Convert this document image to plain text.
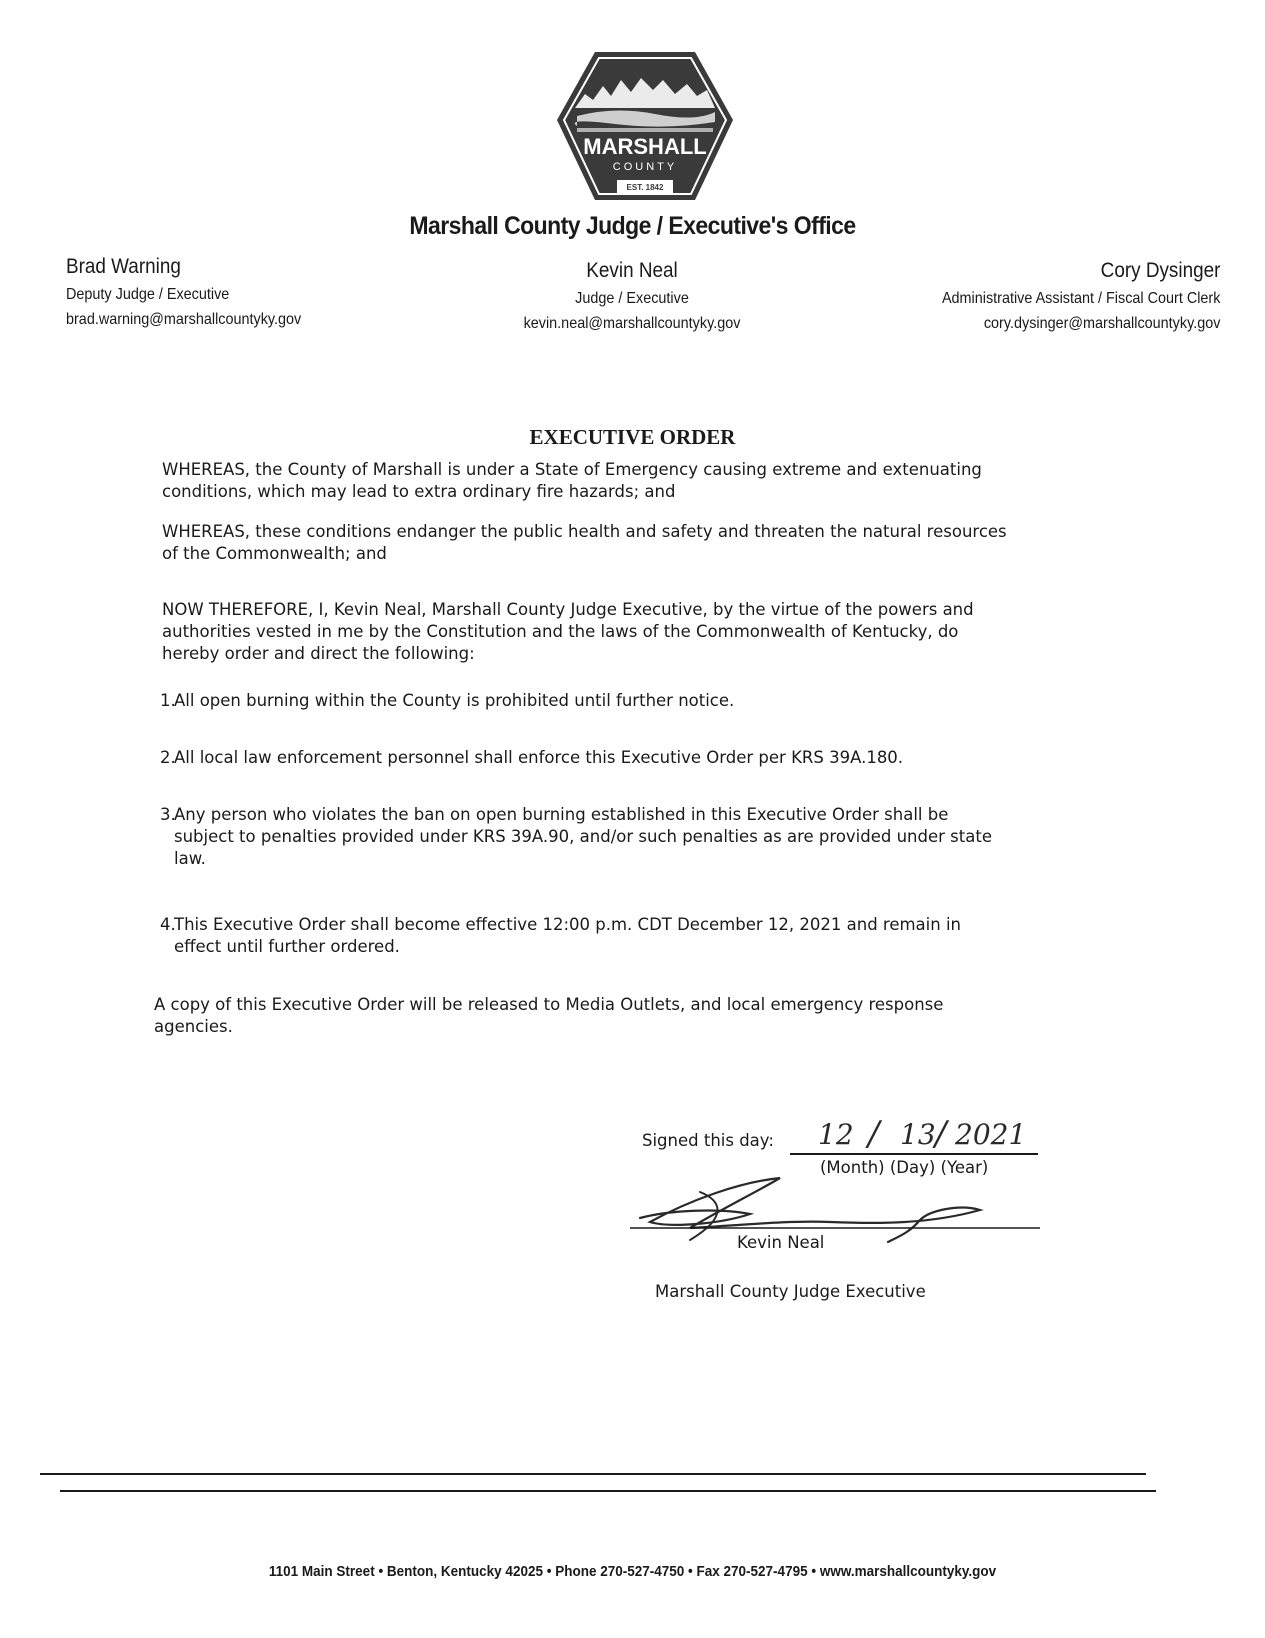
MARSHALL
COUNTY
EST. 1842
Marshall County Judge / Executive's Office
Brad Warning
Deputy Judge / Executive
brad.warning@marshallcountyky.gov
Kevin Neal
Judge / Executive
kevin.neal@marshallcountyky.gov
Cory Dysinger
Administrative Assistant / Fiscal Court Clerk
cory.dysinger@marshallcountyky.gov
EXECUTIVE ORDER
WHEREAS, the County of Marshall is under a State of Emergency causing extreme and extenuating
conditions, which may lead to extra ordinary fire hazards; and
WHEREAS, these conditions endanger the public health and safety and threaten the natural resources
of the Commonwealth; and
NOW THEREFORE, I, Kevin Neal, Marshall County Judge Executive, by the virtue of the powers and
authorities vested in me by the Constitution and the laws of the Commonwealth of Kentucky, do
hereby order and direct the following:
1.All open burning within the County is prohibited until further notice.
2.All local law enforcement personnel shall enforce this Executive Order per KRS 39A.180.
3.Any person who violates the ban on open burning established in this Executive Order shall be
subject to penalties provided under KRS 39A.90, and/or such penalties as are provided under state
law.
4.This Executive Order shall become effective 12:00 p.m. CDT December 12, 2021 and remain in
effect until further ordered.
A copy of this Executive Order will be released to Media Outlets, and local emergency response
agencies.
Signed this day: 12 / 13 / 2021
(Month) (Day) (Year)
Kevin Neal
Marshall County Judge Executive
1101 Main Street • Benton, Kentucky 42025 • Phone 270-527-4750 • Fax 270-527-4795 • www.marshallcountyky.gov
